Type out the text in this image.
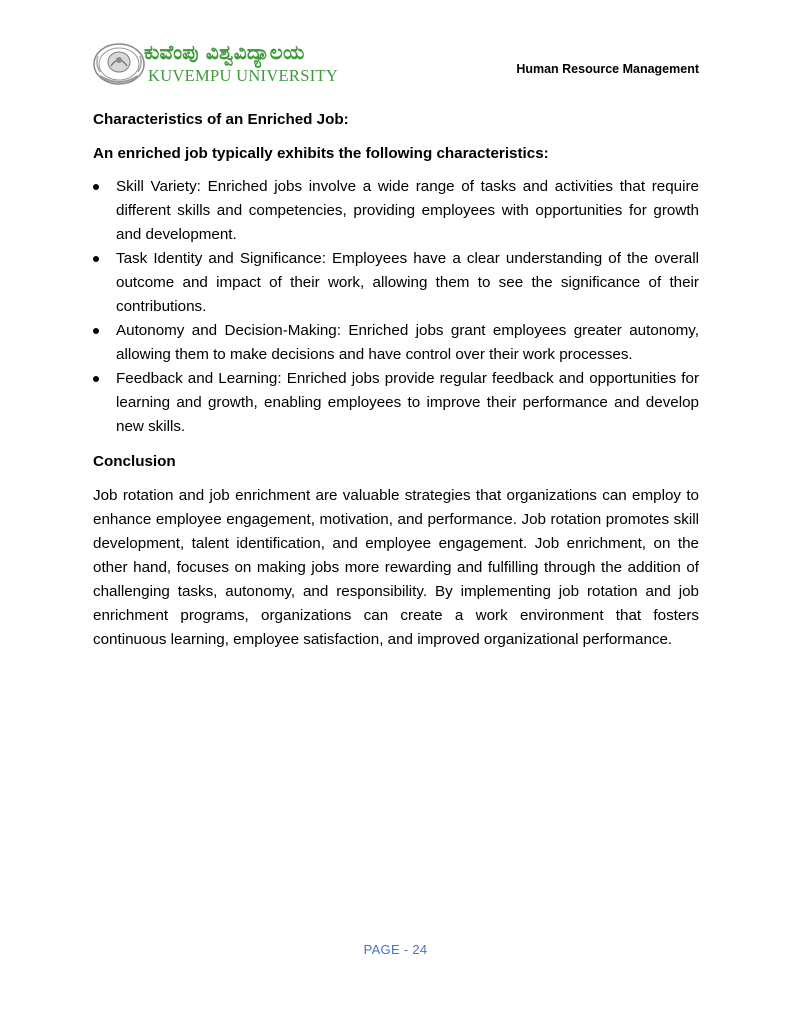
ಕುವೆಂಪು ವಿಶ್ವವಿದ್ಯಾಲಯ
KUVEMPU UNIVERSITY	Human Resource Management

Characteristics of an Enriched Job:

An enriched job typically exhibits the following characteristics:

Skill Variety: Enriched jobs involve a wide range of tasks and activities that require different skills and competencies, providing employees with opportunities for growth and development.
Task Identity and Significance: Employees have a clear understanding of the overall outcome and impact of their work, allowing them to see the significance of their contributions.
Autonomy and Decision-Making: Enriched jobs grant employees greater autonomy, allowing them to make decisions and have control over their work processes.
Feedback and Learning: Enriched jobs provide regular feedback and opportunities for learning and growth, enabling employees to improve their performance and develop new skills.

Conclusion

Job rotation and job enrichment are valuable strategies that organizations can employ to enhance employee engagement, motivation, and performance. Job rotation promotes skill development, talent identification, and employee engagement. Job enrichment, on the other hand, focuses on making jobs more rewarding and fulfilling through the addition of challenging tasks, autonomy, and responsibility. By implementing job rotation and job enrichment programs, organizations can create a work environment that fosters continuous learning, employee satisfaction, and improved organizational performance.

PAGE - 24
